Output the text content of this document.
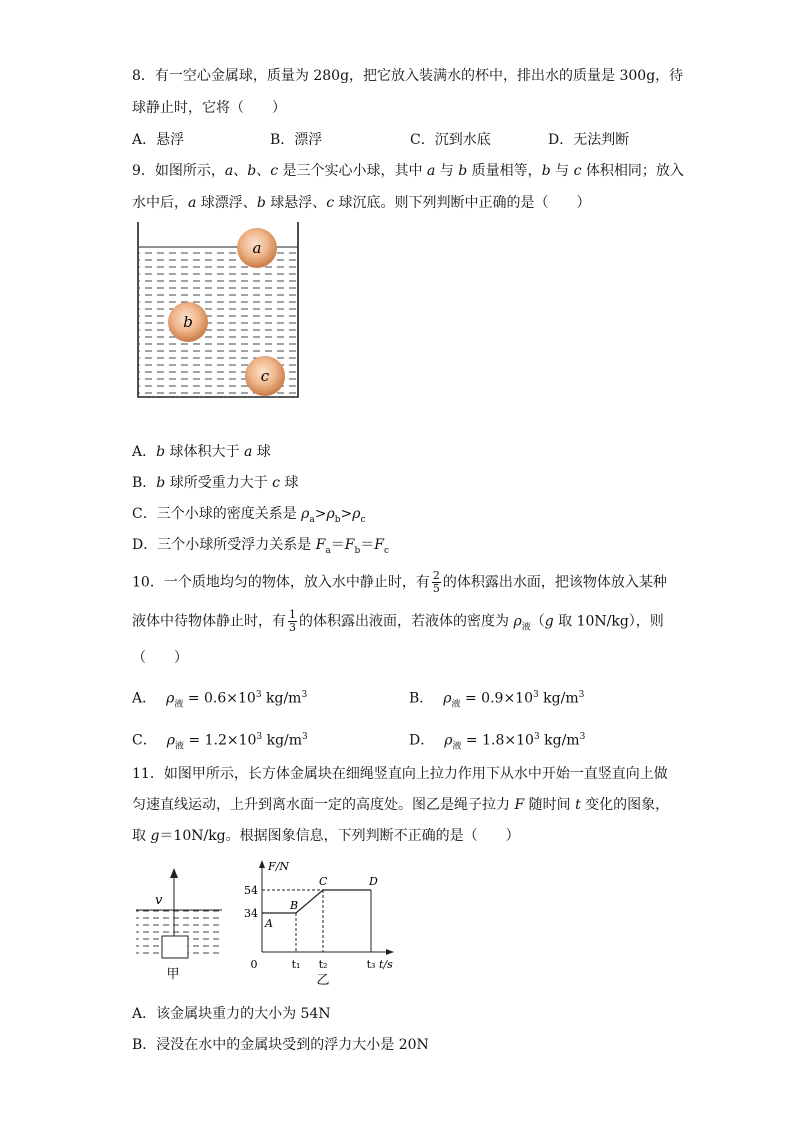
8．有一空心金属球，质量为 280g，把它放入装满水的杯中，排出水的质量是 300g，待
球静止时，它将（　　）
A．悬浮	B．漂浮	C．沉到水底	D．无法判断
9．如图所示，a、b、c 是三个实心小球，其中 a 与 b 质量相等，b 与 c 体积相同；放入
水中后，a 球漂浮、b 球悬浮、c 球沉底。则下列判断中正确的是（　　）
a
b
c
A．b 球体积大于 a 球
B．b 球所受重力大于 c 球
C．三个小球的密度关系是 $\rho_a>\rho_b>\rho_c$
D．三个小球所受浮力关系是 $F_a=F_b=F_c$
10．一个质地均匀的物体，放入水中静止时，有 $\frac{2}{5}$ 的体积露出水面，把该物体放入某种
液体中待物体静止时，有 $\frac{1}{3}$ 的体积露出液面，若液体的密度为 $\rho_液(g$ 取 10N/kg），则
（　　）
A． $\rho_液 = 0.6\times 10^3$ $kg/m^3$	B． $\rho_液 = 0.9\times 10^3$ $kg/m^3$
C． $\rho_液 = 1.2\times 10^3$ $kg/m^3$	D． $\rho_液 = 1.8\times 10^3$ $kg/m^3$
11．如图甲所示，长方体金属块在细绳竖直向上拉力作用下从水中开始一直竖直向上做
匀速直线运动，上升到离水面一定的高度处。图乙是绳子拉力 F 随时间 t 变化的图象，
取 g＝10N/kg。根据图象信息，下列判断不正确的是（　　）
v
甲
F/N
t/s
0
34
54
t₁ t₂	t₃
A
B
C	D
乙
A．该金属块重力的大小为 54N
B．浸没在水中的金属块受到的浮力大小是 20N
